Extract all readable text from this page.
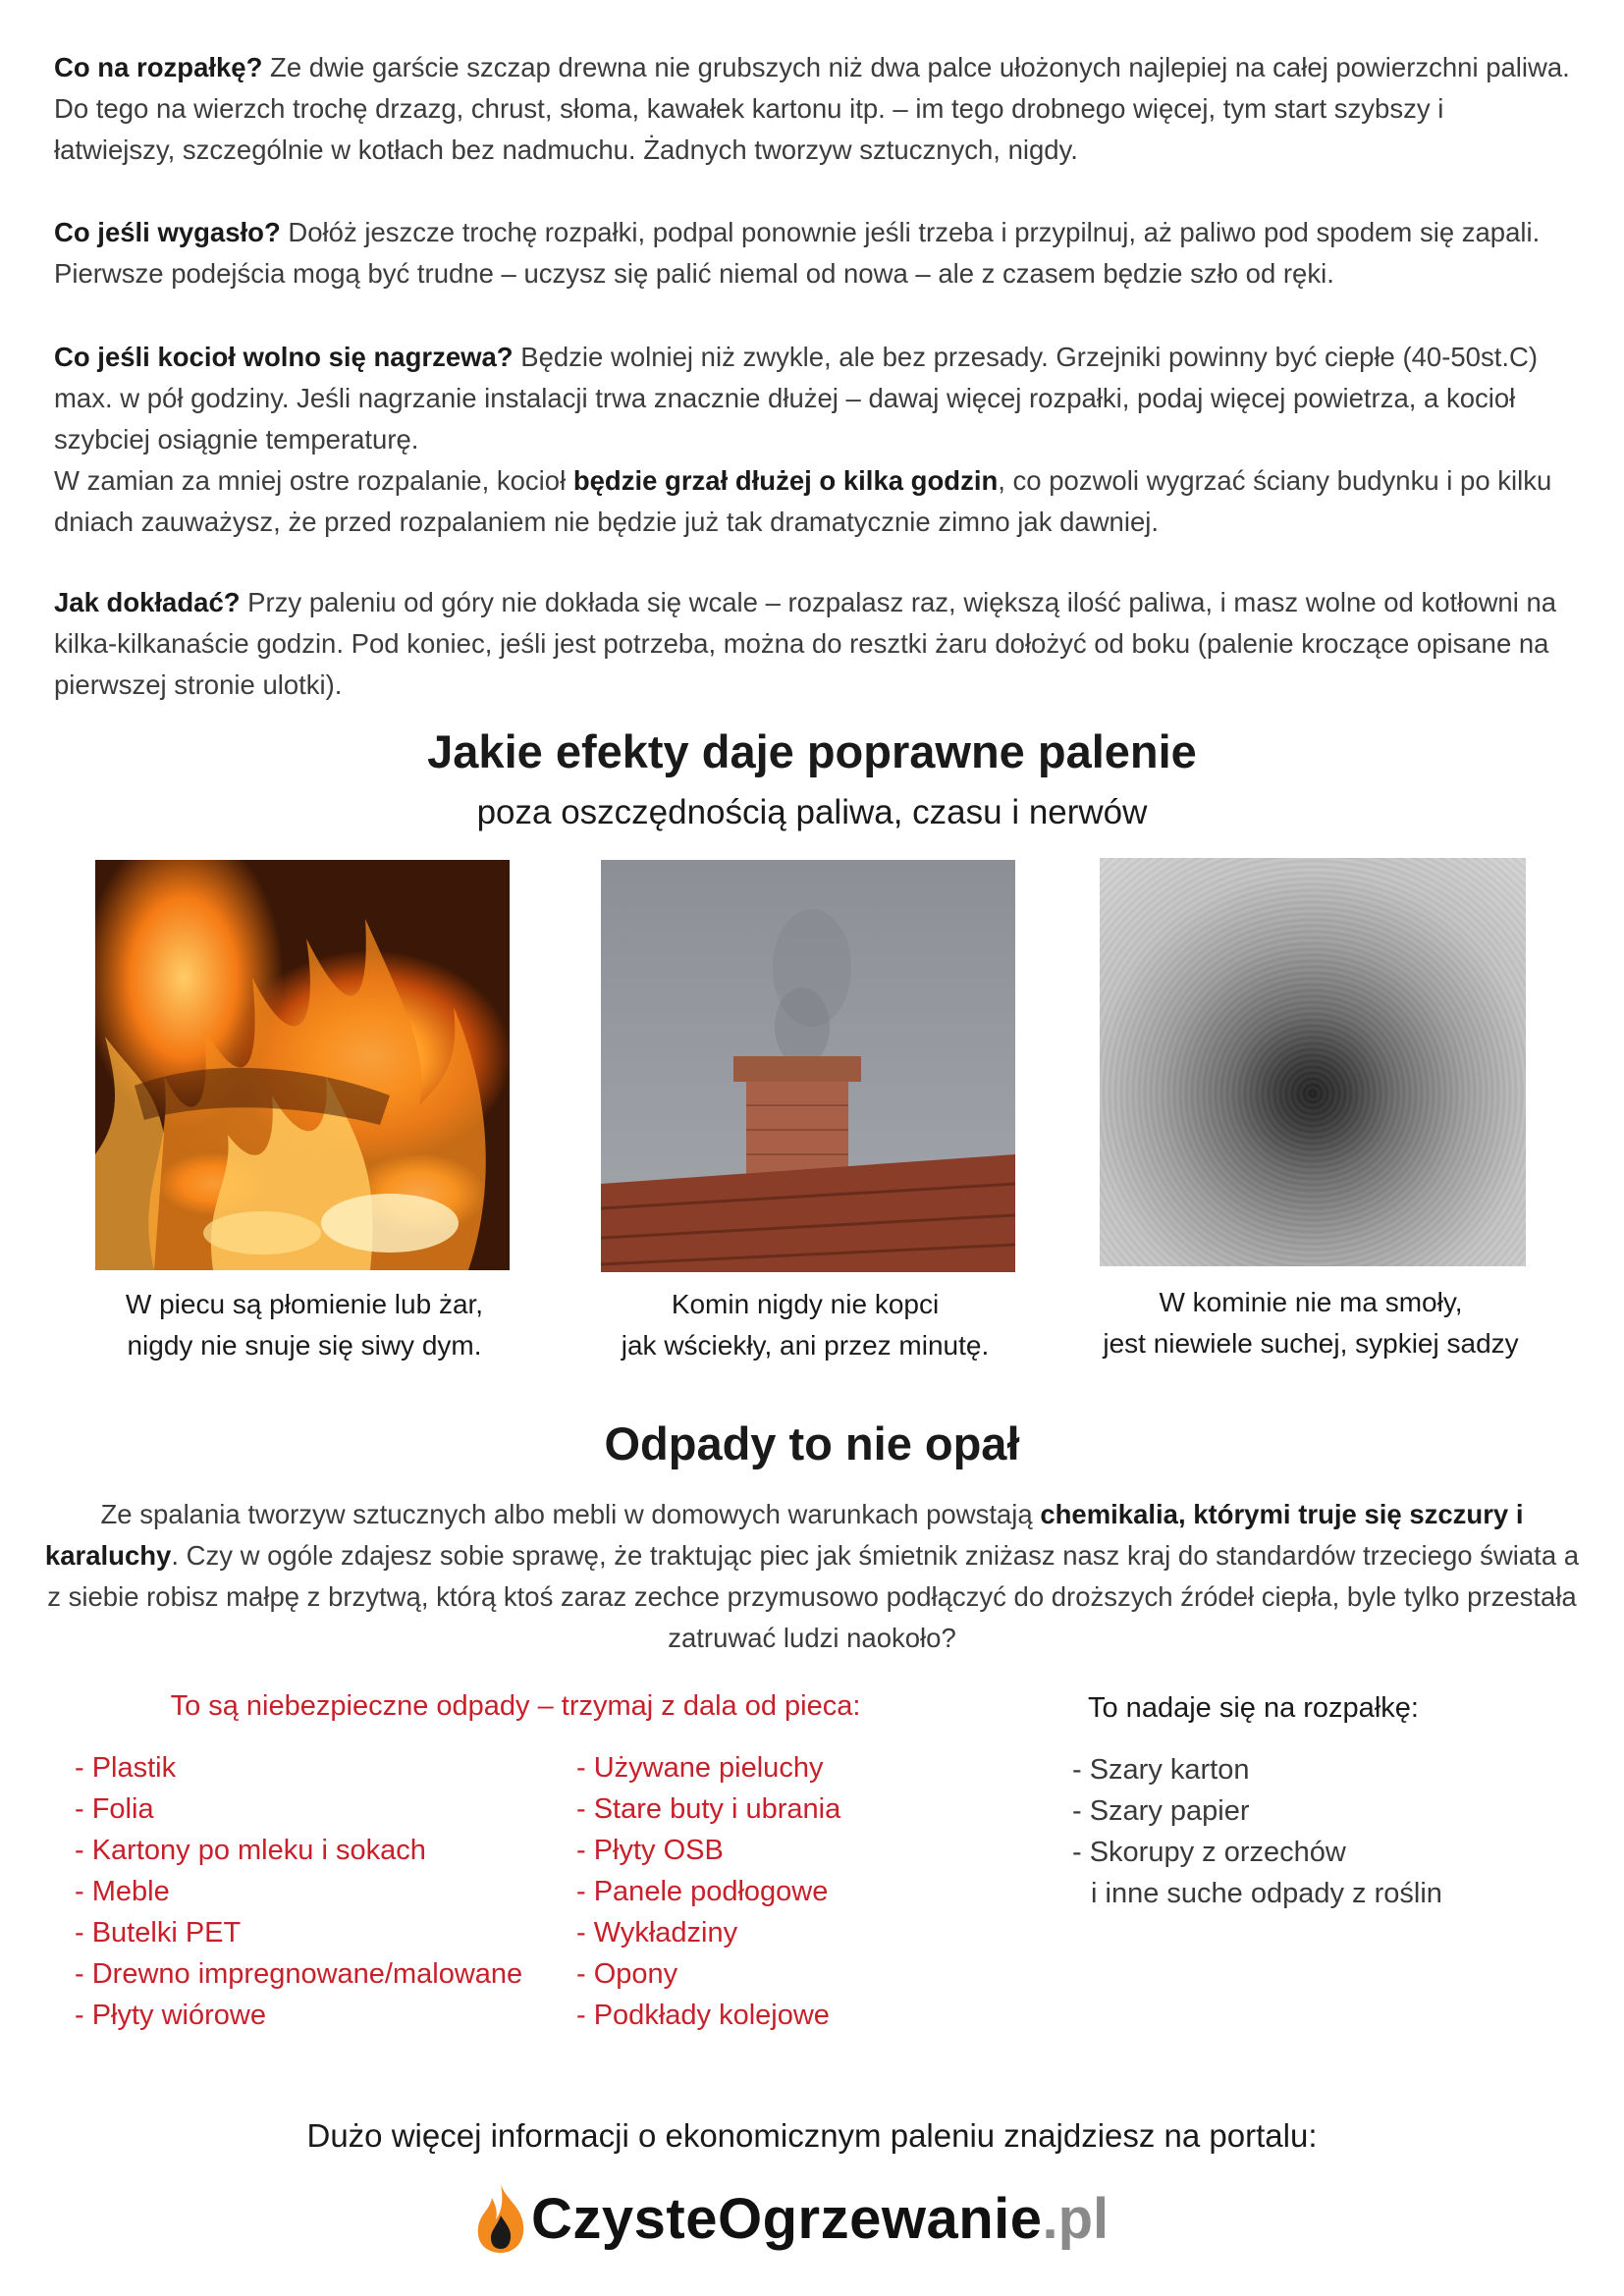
Co na rozpałkę? Ze dwie garście szczap drewna nie grubszych niż dwa palce ułożonych najlepiej na całej powierzchni paliwa. Do tego na wierzch trochę drzazg, chrust, słoma, kawałek kartonu itp. – im tego drobnego więcej, tym start szybszy i łatwiejszy, szczególnie w kotłach bez nadmuchu. Żadnych tworzyw sztucznych, nigdy.

Co jeśli wygasło? Dołóż jeszcze trochę rozpałki, podpal ponownie jeśli trzeba i przypilnuj, aż paliwo pod spodem się zapali. Pierwsze podejścia mogą być trudne – uczysz się palić niemal od nowa – ale z czasem będzie szło od ręki.

Co jeśli kocioł wolno się nagrzewa? Będzie wolniej niż zwykle, ale bez przesady. Grzejniki powinny być ciepłe (40-50st.C) max. w pół godziny. Jeśli nagrzanie instalacji trwa znacznie dłużej – dawaj więcej rozpałki, podaj więcej powietrza, a kocioł szybciej osiągnie temperaturę.
W zamian za mniej ostre rozpalanie, kocioł będzie grzał dłużej o kilka godzin, co pozwoli wygrzać ściany budynku i po kilku dniach zauważysz, że przed rozpalaniem nie będzie już tak dramatycznie zimno jak dawniej.

Jak dokładać? Przy paleniu od góry nie dokłada się wcale – rozpalasz raz, większą ilość paliwa, i masz wolne od kotłowni na kilka-kilkanaście godzin. Pod koniec, jeśli jest potrzeba, można do resztki żaru dołożyć od boku (palenie kroczące opisane na pierwszej stronie ulotki).

Jakie efekty daje poprawne palenie
poza oszczędnością paliwa, czasu i nerwów
W piecu są płomienie lub żar,
nigdy nie snuje się siwy dym.
Komin nigdy nie kopci
jak wściekły, ani przez minutę.
W kominie nie ma smoły,
jest niewiele suchej, sypkiej sadzy
Odpady to nie opał

Ze spalania tworzyw sztucznych albo mebli w domowych warunkach powstają chemikalia, którymi truje się szczury i karaluchy. Czy w ogóle zdajesz sobie sprawę, że traktując piec jak śmietnik zniżasz nasz kraj do standardów trzeciego świata a z siebie robisz małpę z brzytwą, którą ktoś zaraz zechce przymusowo podłączyć do droższych źródeł ciepła, byle tylko przestała zatruwać ludzi naokoło?

To są niebezpieczne odpady – trzymaj z dala od pieca:
- Plastik
- Folia
- Kartony po mleku i sokach
- Meble
- Butelki PET
- Drewno impregnowane/malowane
- Płyty wiórowe
- Używane pieluchy
- Stare buty i ubrania
- Płyty OSB
- Panele podłogowe
- Wykładziny
- Opony
- Podkłady kolejowe
To nadaje się na rozpałkę:
- Szary karton
- Szary papier
- Skorupy z orzechów
i inne suche odpady z roślin
Dużo więcej informacji o ekonomicznym paleniu znajdziesz na portalu:
CzysteOgrzewanie .pl
